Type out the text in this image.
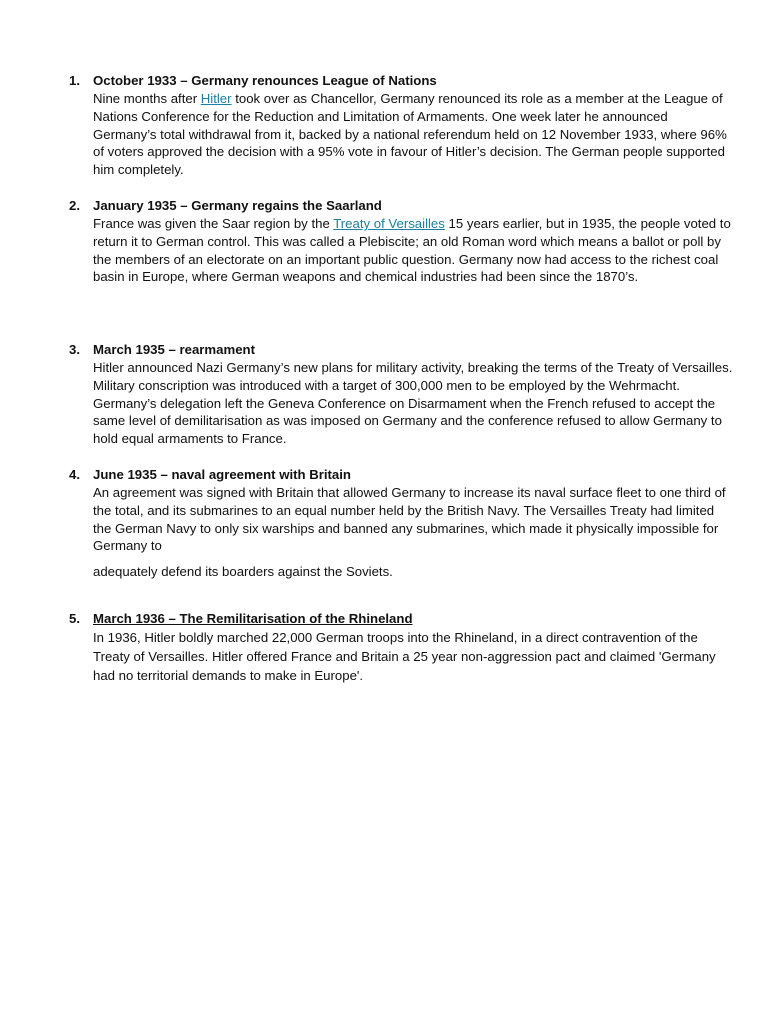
1. October 1933 – Germany renounces League of Nations

Nine months after Hitler took over as Chancellor, Germany renounced its role as a member at the League of Nations Conference for the Reduction and Limitation of Armaments. One week later he announced Germany’s total withdrawal from it, backed by a national referendum held on 12 November 1933, where 96% of voters approved the decision with a 95% vote in favour of Hitler’s decision. The German people supported him completely.

2. January 1935 – Germany regains the Saarland

France was given the Saar region by the Treaty of Versailles 15 years earlier, but in 1935, the people voted to return it to German control. This was called a Plebiscite; an old Roman word which means a ballot or poll by the members of an electorate on an important public question. Germany now had access to the richest coal basin in Europe, where German weapons and chemical industries had been since the 1870’s.

3. March 1935 – rearmament

Hitler announced Nazi Germany’s new plans for military activity, breaking the terms of the Treaty of Versailles. Military conscription was introduced with a target of 300,000 men to be employed by the Wehrmacht. Germany’s delegation left the Geneva Conference on Disarmament when the French refused to accept the same level of demilitarisation as was imposed on Germany and the conference refused to allow Germany to hold equal armaments to France.

4. June 1935 – naval agreement with Britain

An agreement was signed with Britain that allowed Germany to increase its naval surface fleet to one third of the total, and its submarines to an equal number held by the British Navy. The Versailles Treaty had limited the German Navy to only six warships and banned any submarines, which made it physically impossible for Germany to

adequately defend its boarders against the Soviets.

5. March 1936 – The Remilitarisation of the Rhineland

In 1936, Hitler boldly marched 22,000 German troops into the Rhineland, in a direct contravention of the Treaty of Versailles. Hitler offered France and Britain a 25 year non-aggression pact and claimed 'Germany had no territorial demands to make in Europe'.
